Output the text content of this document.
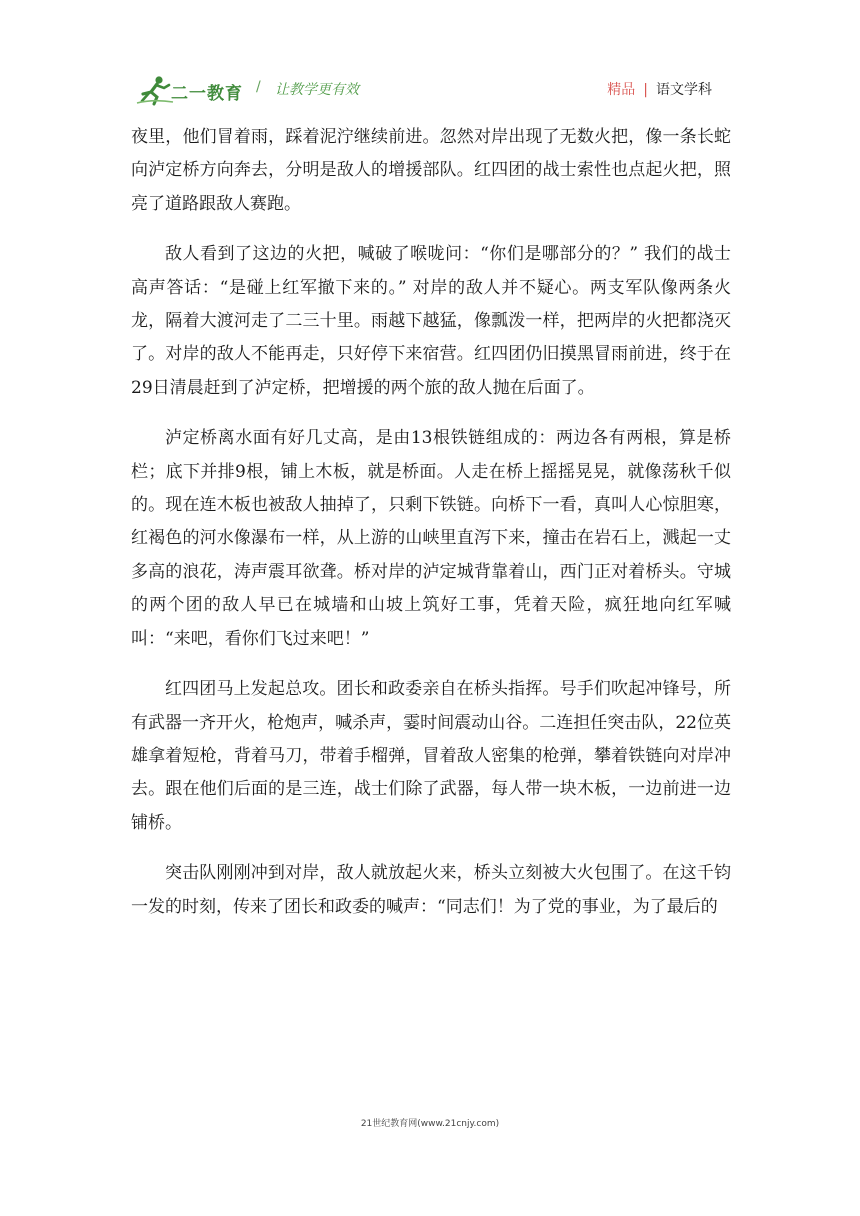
二一教育 / 让教学更有效	精品 | 语文学科

夜里，他们冒着雨，踩着泥泞继续前进。忽然对岸出现了无数火把，像一条长蛇向泸定桥方向奔去，分明是敌人的增援部队。红四团的战士索性也点起火把，照亮了道路跟敌人赛跑。

敌人看到了这边的火把，喊破了喉咙问：“你们是哪部分的？” 我们的战士高声答话：“是碰上红军撤下来的。” 对岸的敌人并不疑心。两支军队像两条火龙，隔着大渡河走了二三十里。雨越下越猛，像瓢泼一样，把两岸的火把都浇灭了。对岸的敌人不能再走，只好停下来宿营。红四团仍旧摸黑冒雨前进，终于在29日清晨赶到了泸定桥，把增援的两个旅的敌人抛在后面了。

泸定桥离水面有好几丈高，是由13根铁链组成的：两边各有两根，算是桥栏；底下并排9根，铺上木板，就是桥面。人走在桥上摇摇晃晃，就像荡秋千似的。现在连木板也被敌人抽掉了，只剩下铁链。向桥下一看，真叫人心惊胆寒，红褐色的河水像瀑布一样，从上游的山峡里直泻下来，撞击在岩石上，溅起一丈多高的浪花，涛声震耳欲聋。桥对岸的泸定城背靠着山，西门正对着桥头。守城的两个团的敌人早已在城墙和山坡上筑好工事，凭着天险，疯狂地向红军喊叫：“来吧，看你们飞过来吧！”

红四团马上发起总攻。团长和政委亲自在桥头指挥。号手们吹起冲锋号，所有武器一齐开火，枪炮声，喊杀声，霎时间震动山谷。二连担任突击队，22位英雄拿着短枪，背着马刀，带着手榴弹，冒着敌人密集的枪弹，攀着铁链向对岸冲去。跟在他们后面的是三连，战士们除了武器，每人带一块木板，一边前进一边铺桥。

突击队刚刚冲到对岸，敌人就放起火来，桥头立刻被大火包围了。在这千钧一发的时刻，传来了团长和政委的喊声：“同志们！为了党的事业，为了最后的

21世纪教育网(www.21cnjy.com)
